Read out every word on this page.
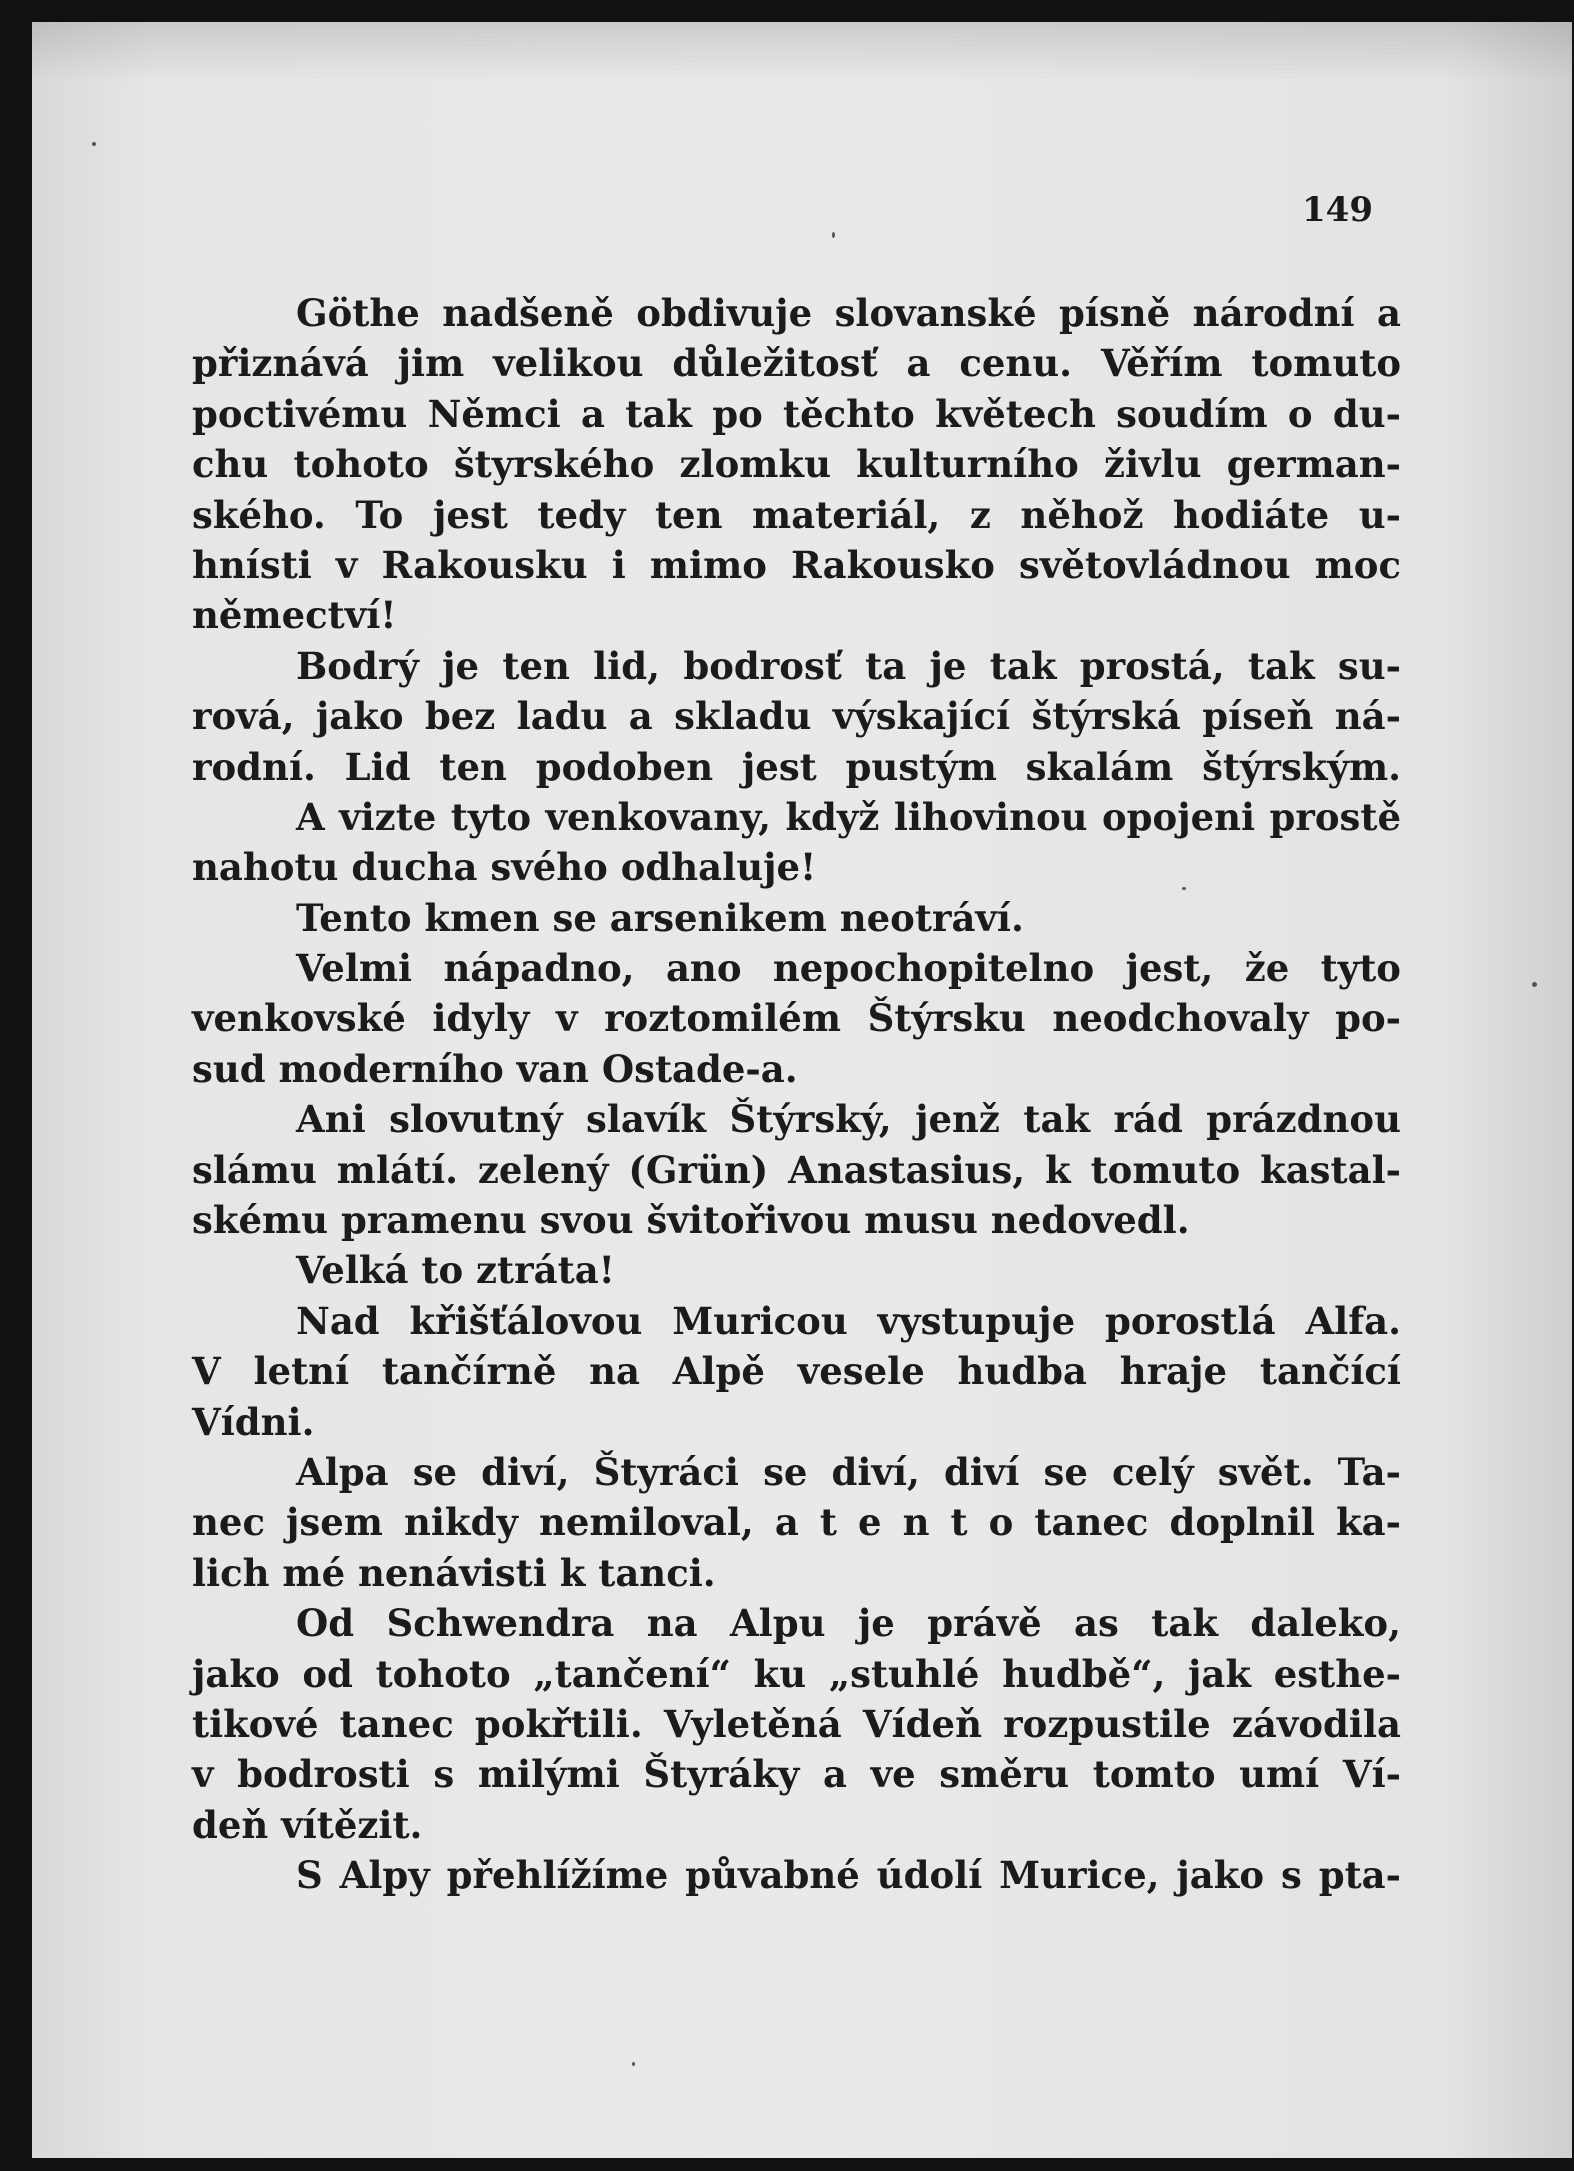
149
Göthe nadšeně obdivuje slovanské písně národní a
přiznává jim velikou důležitosť a cenu. Věřím tomuto
poctivému Němci a tak po těchto květech soudím o du-
chu tohoto štyrského zlomku kulturního živlu german-
ského. To jest tedy ten materiál, z něhož hodiáte u-
hnísti v Rakousku i mimo Rakousko světovládnou moc
němectví!
Bodrý je ten lid, bodrosť ta je tak prostá, tak su-
rová, jako bez ladu a skladu výskající štýrská píseň ná-
rodní. Lid ten podoben jest pustým skalám štýrským.
A vizte tyto venkovany, když lihovinou opojeni prostě
nahotu ducha svého odhaluje!
Tento kmen se arsenikem neotráví.
Velmi nápadno, ano nepochopitelno jest, že tyto
venkovské idyly v roztomilém Štýrsku neodchovaly po-
sud moderního van Ostade-a.
Ani slovutný slavík Štýrský, jenž tak rád prázdnou
slámu mlátí. zelený (Grün) Anastasius, k tomuto kastal-
skému pramenu svou švitořivou musu nedovedl.
Velká to ztráta!
Nad křišťálovou Muricou vystupuje porostlá Alfa.
V letní tančírně na Alpě vesele hudba hraje tančící
Vídni.
Alpa se diví, Štyráci se diví, diví se celý svět. Ta-
nec jsem nikdy nemiloval, a t e n t o tanec doplnil ka-
lich mé nenávisti k tanci.
Od Schwendra na Alpu je právě as tak daleko,
jako od tohoto „tančení“ ku „stuhlé hudbě“, jak esthe-
tikové tanec pokřtili. Vyletěná Vídeň rozpustile závodila
v bodrosti s milými Štyráky a ve směru tomto umí Ví-
deň vítězit.
S Alpy přehlížíme půvabné údolí Murice, jako s pta-
